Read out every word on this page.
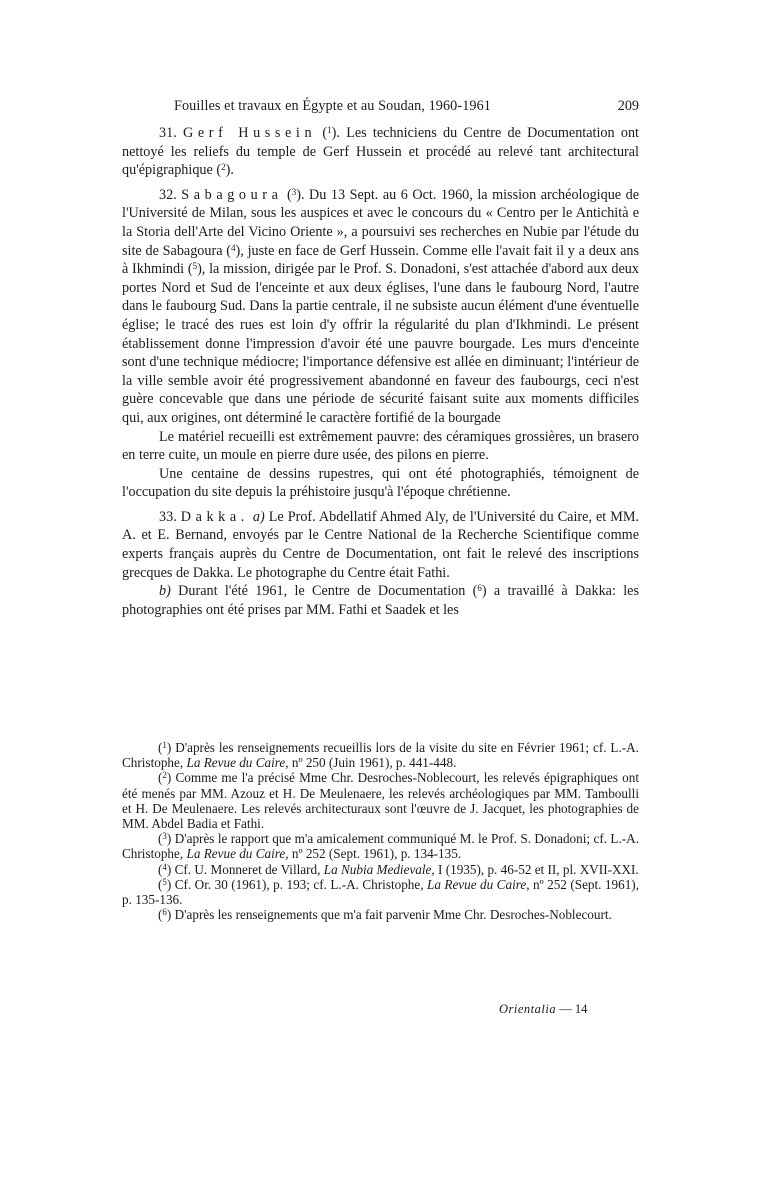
Fouilles et travaux en Égypte et au Soudan, 1960-1961	209

31. Gerf Hussein ($^1$). Les techniciens du Centre de Documentation ont nettoyé les reliefs du temple de Gerf Hussein et procédé au relevé tant architectural qu'épigraphique ($^2$).

32. Sabagoura ($^3$). Du 13 Sept. au 6 Oct. 1960, la mission archéologique de l'Université de Milan, sous les auspices et avec le concours du « Centro per le Antichità e la Storia dell'Arte del Vicino Oriente », a poursuivi ses recherches en Nubie par l'étude du site de Sabagoura ($^4$), juste en face de Gerf Hussein. Comme elle l'avait fait il y a deux ans à Ikhmindi ($^5$), la mission, dirigée par le Prof. S. Donadoni, s'est attachée d'abord aux deux portes Nord et Sud de l'enceinte et aux deux églises, l'une dans le faubourg Nord, l'autre dans le faubourg Sud. Dans la partie centrale, il ne subsiste aucun élément d'une éventuelle église; le tracé des rues est loin d'y offrir la régularité du plan d'Ikhmindi. Le présent établissement donne l'impression d'avoir été une pauvre bourgade. Les murs d'enceinte sont d'une technique médiocre; l'importance défensive est allée en diminuant; l'intérieur de la ville semble avoir été progressivement abandonné en faveur des faubourgs, ceci n'est guère concevable que dans une période de sécurité faisant suite aux moments difficiles qui, aux origines, ont déterminé le caractère fortifié de la bourgade

Le matériel recueilli est extrêmement pauvre: des céramiques grossières, un brasero en terre cuite, un moule en pierre dure usée, des pilons en pierre.

Une centaine de dessins rupestres, qui ont été photographiés, témoignent de l'occupation du site depuis la préhistoire jusqu'à l'époque chrétienne.

33. Dakka. a) Le Prof. Abdellatif Ahmed Aly, de l'Université du Caire, et MM. A. et E. Bernand, envoyés par le Centre National de la Recherche Scientifique comme experts français auprès du Centre de Documentation, ont fait le relevé des inscriptions grecques de Dakka. Le photographe du Centre était Fathi.

b) Durant l'été 1961, le Centre de Documentation ($^6$) a travaillé à Dakka: les photographies ont été prises par MM. Fathi et Saadek et les

($^1$) D'après les renseignements recueillis lors de la visite du site en Février 1961; cf. L.-A. Christophe, La Revue du Caire, nº 250 (Juin 1961), p. 441-448.

($^2$) Comme me l'a précisé Mme Chr. Desroches-Noblecourt, les relevés épigraphiques ont été menés par MM. Azouz et H. De Meulenaere, les relevés archéologiques par MM. Tamboulli et H. De Meulenaere. Les relevés architecturaux sont l'œuvre de J. Jacquet, les photographies de MM. Abdel Badia et Fathi.

($^3$) D'après le rapport que m'a amicalement communiqué M. le Prof. S. Donadoni; cf. L.-A. Christophe, La Revue du Caire, nº 252 (Sept. 1961), p. 134-135.

($^4$) Cf. U. Monneret de Villard, La Nubia Medievale, I (1935), p. 46-52 et II, pl. XVII-XXI.

($^5$) Cf. Or. 30 (1961), p. 193; cf. L.-A. Christophe, La Revue du Caire, nº 252 (Sept. 1961), p. 135-136.

($^6$) D'après les renseignements que m'a fait parvenir Mme Chr. Desroches-Noblecourt.

Orientalia — 14
